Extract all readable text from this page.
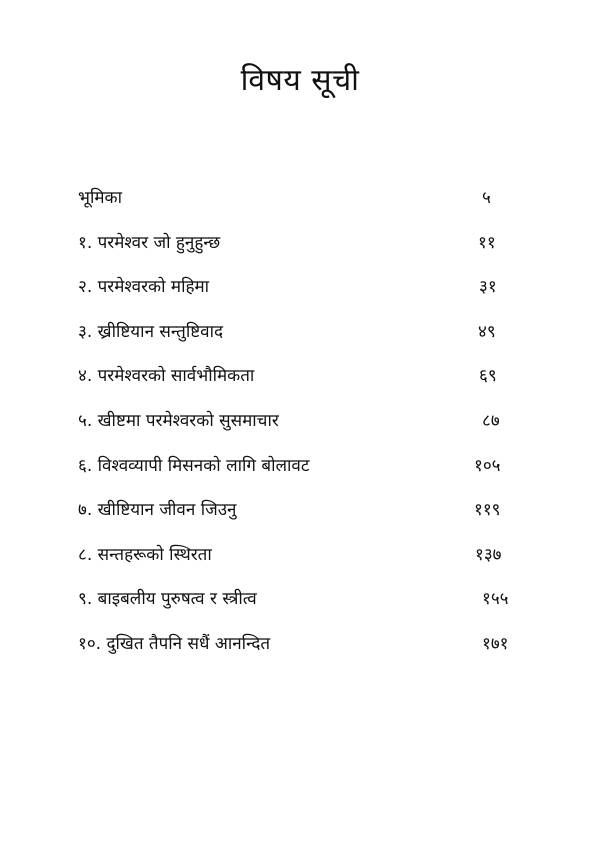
विषय सूची
भूमिका	५
१. परमेश्वर जो हुनुहुन्छ	११
२. परमेश्वरको महिमा	३१
३. ख्रीष्टियान सन्तुष्टिवाद	४९
४. परमेश्वरको सार्वभौमिकता	६९
५. खीष्टमा परमेश्वरको सुसमाचार	८७
६. विश्वव्यापी मिसनको लागि बोलावट	१०५
७. खीष्टियान जीवन जिउनु	११९
८. सन्तहरूको स्थिरता	१३७
९. बाइबलीय पुरुषत्व र स्त्रीत्व	१५५
१०. दुखित तैपनि सधैं आनन्दित	१७१
